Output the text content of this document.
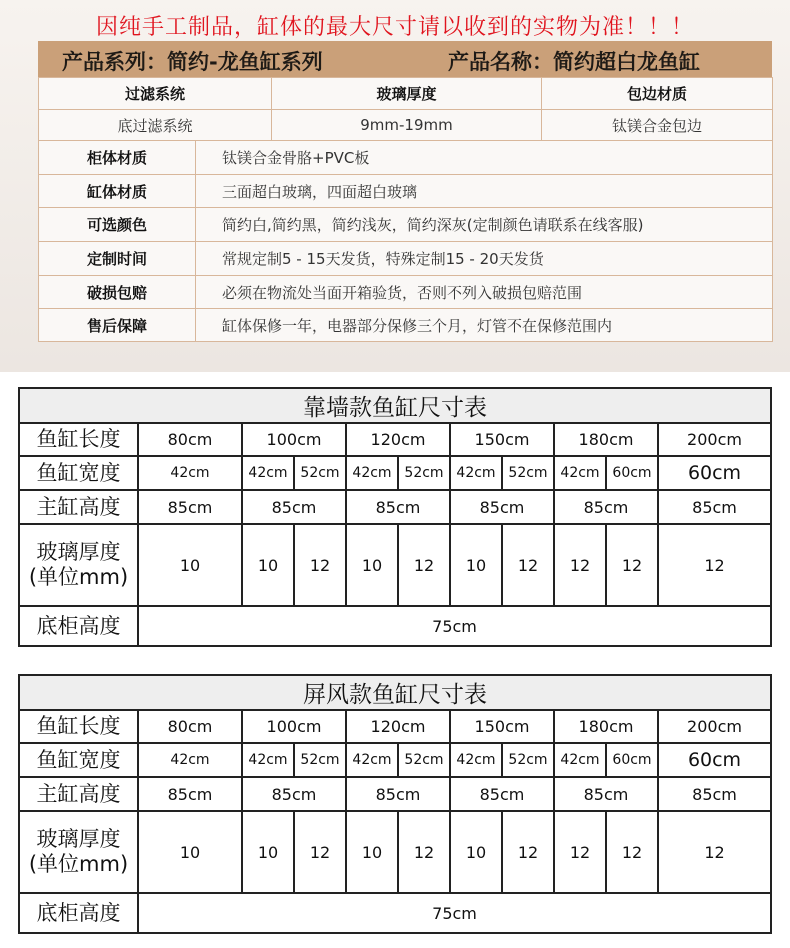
因纯手工制品，缸体的最大尺寸请以收到的实物为准！！！
产品系列：简约-龙鱼缸系列	产品名称：简约超白龙鱼缸
过滤系统	玻璃厚度	包边材质
底过滤系统	9mm-19mm	钛镁合金包边
柜体材质	钛镁合金骨胳+PVC板
缸体材质	三面超白玻璃，四面超白玻璃
可选颜色	简约白,简约黑，简约浅灰，简约深灰(定制颜色请联系在线客服)
定制时间	常规定制5 - 15天发货，特殊定制15 - 20天发货
破损包赔	必须在物流处当面开箱验货，否则不列入破损包赔范围
售后保障	缸体保修一年，电器部分保修三个月，灯管不在保修范围内
靠墙款鱼缸尺寸表										
鱼缸长度	80cm	100cm		120cm		150cm		180cm		200cm
鱼缸宽度	42cm	42cm	52cm	42cm	52cm	42cm	52cm	42cm	60cm	60cm
主缸高度	85cm	85cm		85cm		85cm		85cm		85cm

玻璃厚度
(单位mm)	10	10	12	10	12	10	12	12	12	12
底柜高度	75cm									
屏风款鱼缸尺寸表										
鱼缸长度	80cm	100cm		120cm		150cm		180cm		200cm
鱼缸宽度	42cm	42cm	52cm	42cm	52cm	42cm	52cm	42cm	60cm	60cm
主缸高度	85cm	85cm		85cm		85cm		85cm		85cm

玻璃厚度
(单位mm)	10	10	12	10	12	10	12	12	12	12
底柜高度	75cm									
